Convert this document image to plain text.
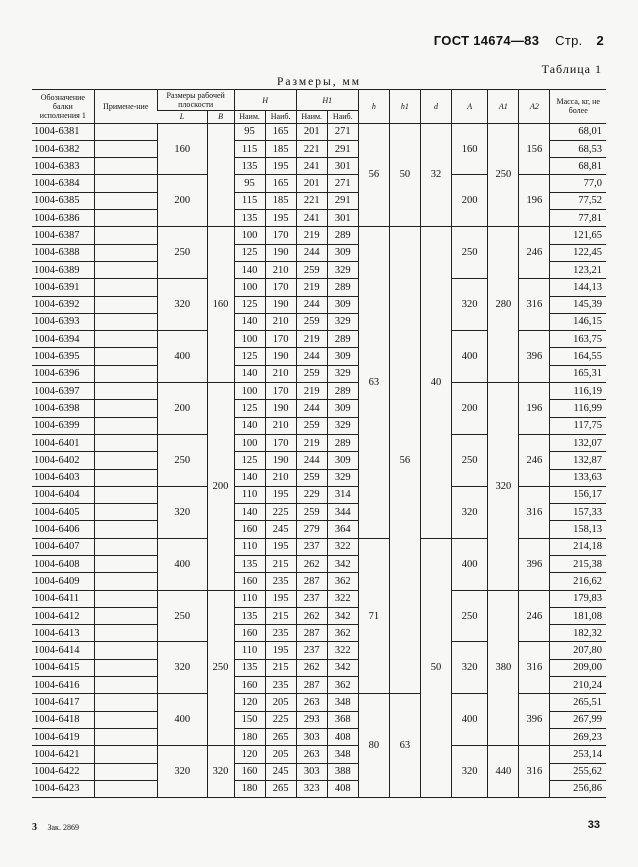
ГОСТ 14674—83 Стр. 2
Таблица 1
Размеры, мм
Обозначение балки исполнения 1	Примене-ние	Размеры рабочей плоскости		H		H1		h	h1	d	A	A1	A2	Масса, кг, не более
		L	B	Наим.	Наиб.	Наим.	Наиб.							
1004-6381		160		95	165	201	271	56	50	32	160	250	156	68,01
1004-6382				115	185	221	291							68,53
1004-6383				135	195	241	301							68,81
1004-6384		200		95	165	201	271				200		196	77,0
1004-6385				115	185	221	291							77,52
1004-6386				135	195	241	301							77,81
1004-6387		250	160	100	170	219	289	63	56	40	250	280	246	121,65
1004-6388				125	190	244	309							122,45
1004-6389				140	210	259	329							123,21
1004-6391		320		100	170	219	289				320		316	144,13
1004-6392				125	190	244	309							145,39
1004-6393				140	210	259	329							146,15
1004-6394		400		100	170	219	289				400		396	163,75
1004-6395				125	190	244	309							164,55
1004-6396				140	210	259	329							165,31
1004-6397		200	200	100	170	219	289				200	320	196	116,19
1004-6398				125	190	244	309							116,99
1004-6399				140	210	259	329							117,75
1004-6401		250		100	170	219	289				250		246	132,07
1004-6402				125	190	244	309							132,87
1004-6403				140	210	259	329							133,63
1004-6404		320		110	195	229	314				320		316	156,17
1004-6405				140	225	259	344							157,33
1004-6406				160	245	279	364							158,13
1004-6407		400		110	195	237	322	71		50	400		396	214,18
1004-6408				135	215	262	342							215,38
1004-6409				160	235	287	362							216,62
1004-6411		250	250	110	195	237	322				250	380	246	179,83
1004-6412				135	215	262	342							181,08
1004-6413				160	235	287	362							182,32
1004-6414		320		110	195	237	322				320		316	207,80
1004-6415				135	215	262	342							209,00
1004-6416				160	235	287	362							210,24
1004-6417		400		120	205	263	348	80	63		400		396	265,51
1004-6418				150	225	293	368							267,99
1004-6419				180	265	303	408							269,23
1004-6421		320	320	120	205	263	348				320	440	316	253,14
1004-6422				160	245	303	388							255,62
1004-6423				180	265	323	408							256,86
3 Зак. 2869	33
